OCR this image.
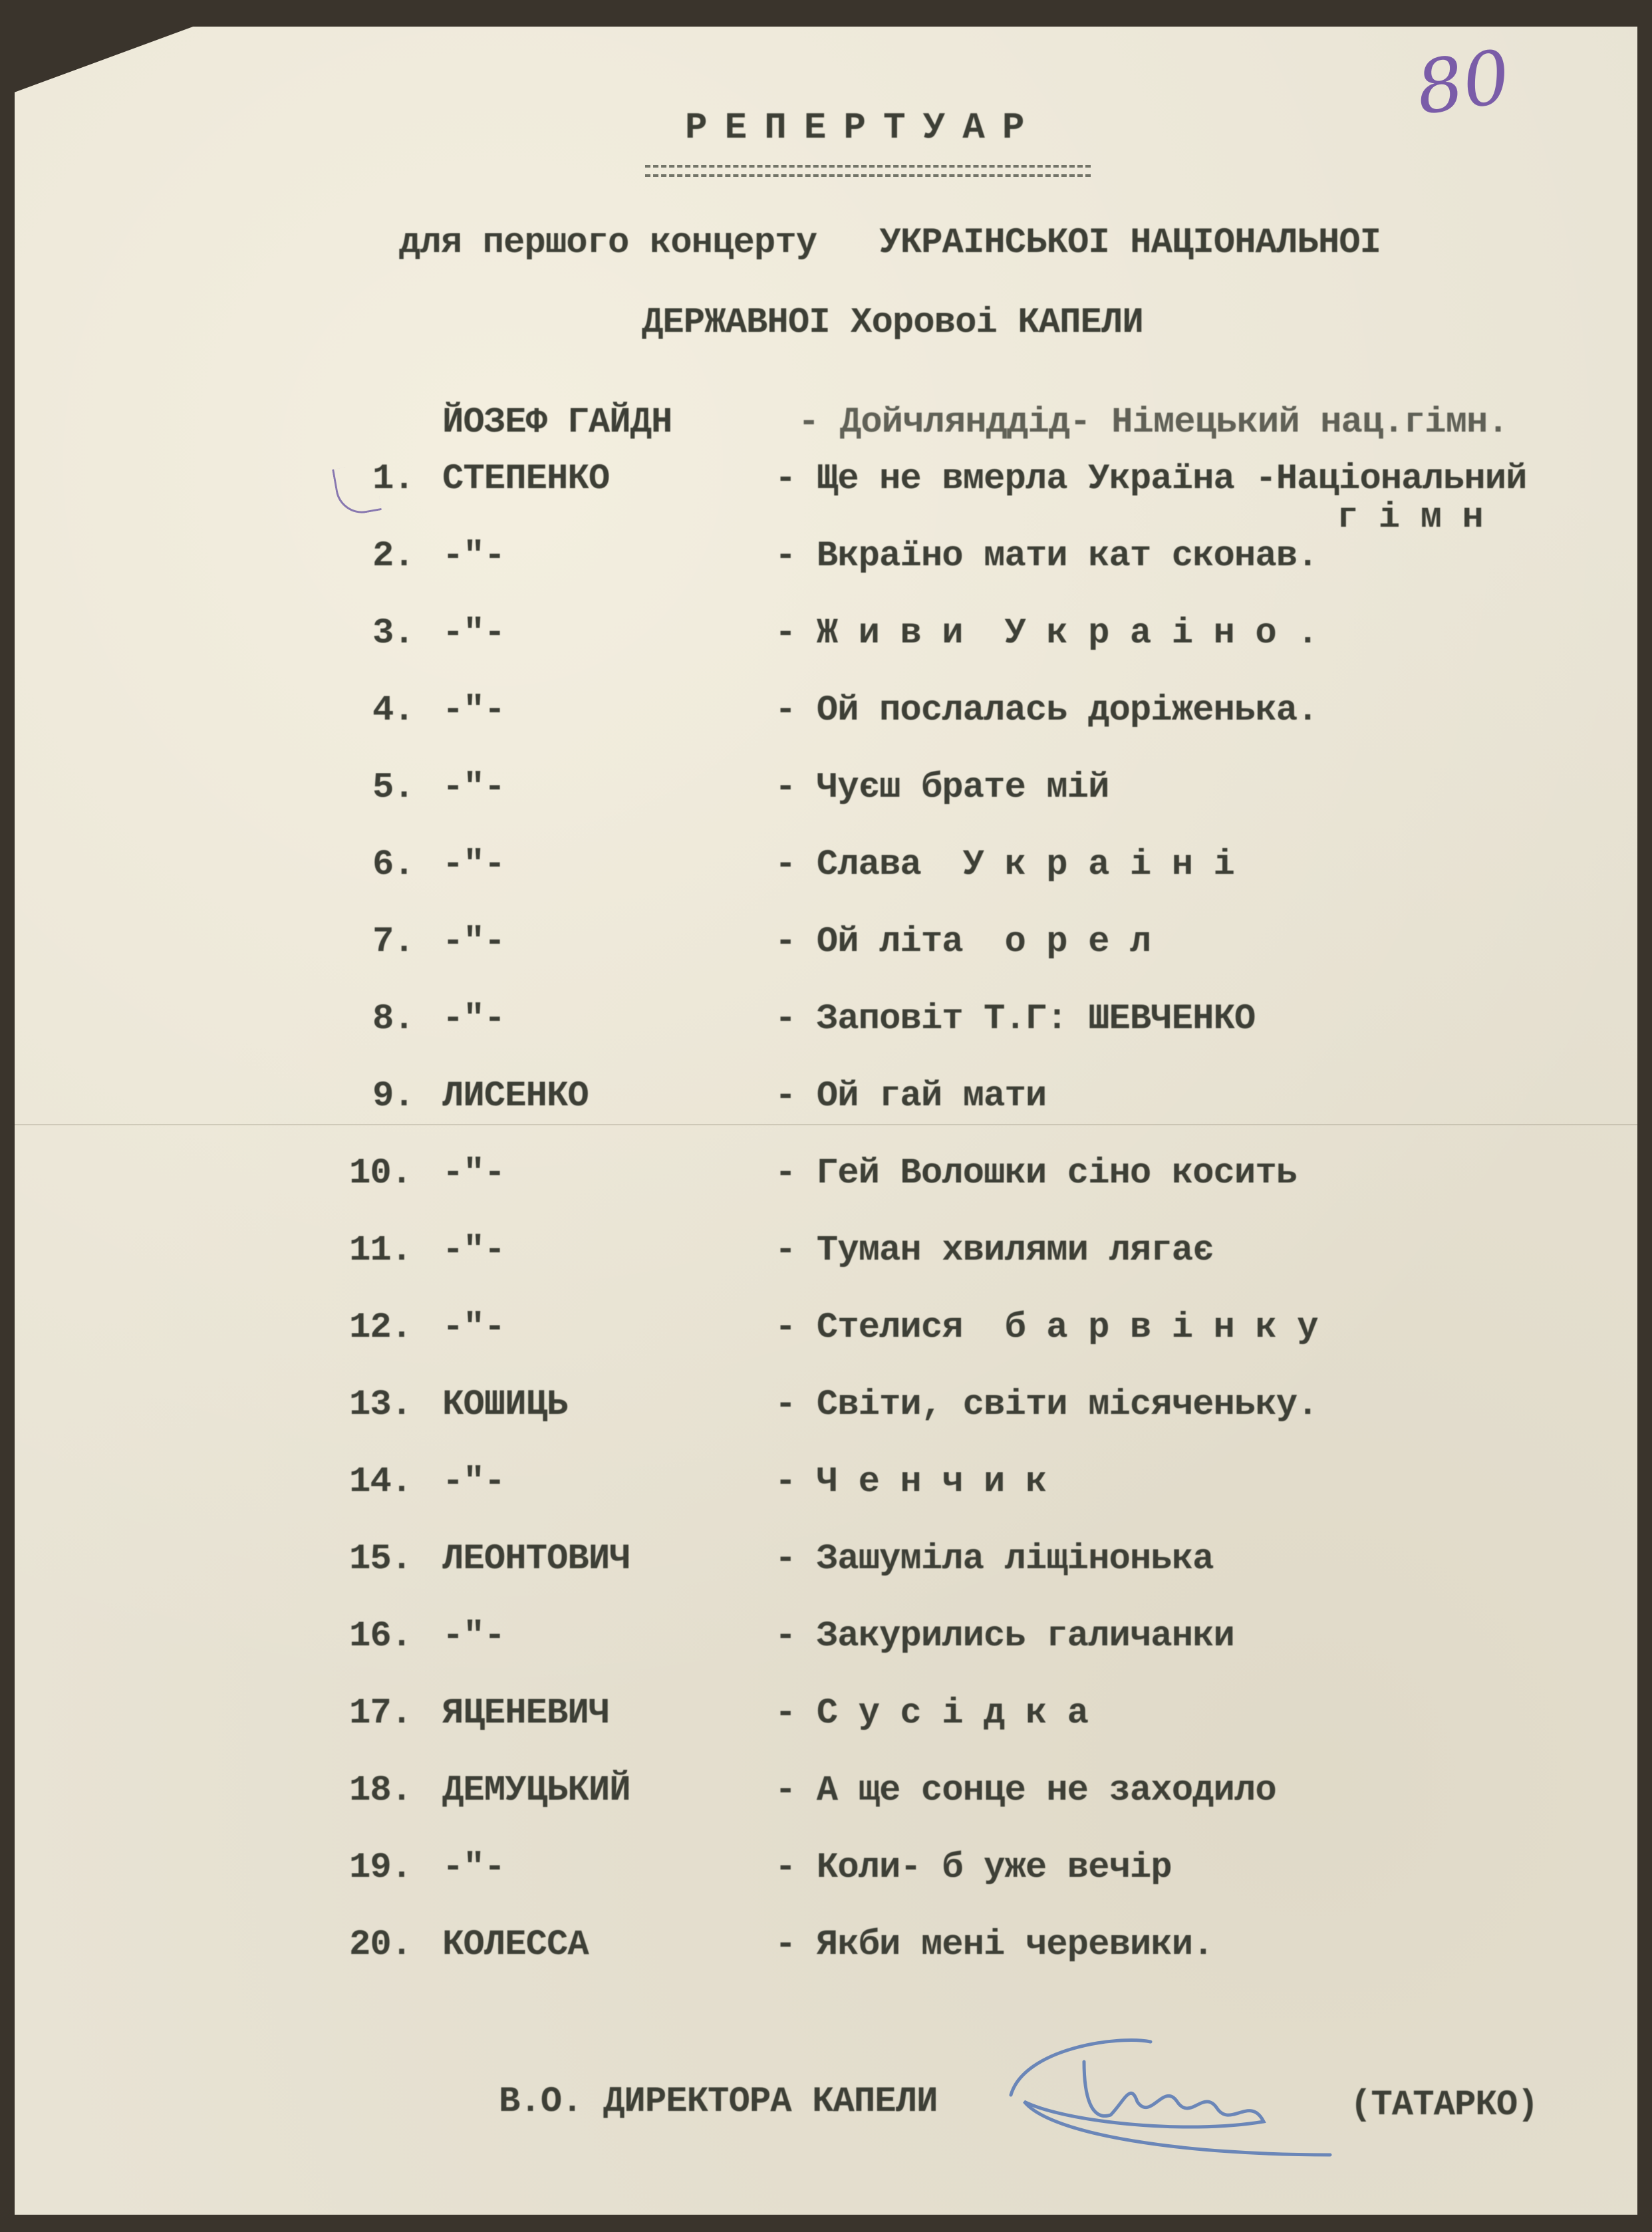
80
РЕПЕРТУАР
для першого концерту   УКРАІНСЬКОІ НАЦІОНАЛЬНОІ
ДЕРЖАВНОІ Хоровоі КАПЕЛИ
ЙОЗЕФ ГАЙДН	- Дойчлянддід- Німецький нац.гімн.
1. СТЕПЕНКО	- Ще не вмерла Україна -Національний
г і м н
2. -"-	- Вкраїно мати кат сконав.
3. -"-	- Ж и в и  У к р а і н о .
4. -"-	- Ой послалась доріженька.
5. -"-	- Чуєш брате мій
6. -"-	- Слава  У к р а і н і
7. -"-	- Ой літа  о р е л
8. -"-	- Заповіт Т.Г: ШЕВЧЕНКО
9. ЛИСЕНКО	- Ой гай мати
10. -"-	- Гей Волошки сіно косить
11. -"-	- Туман хвилями лягає
12. -"-	- Стелися  б а р в і н к у
13. КОШИЦЬ	- Світи, світи місяченьку.
14. -"-	- Ч е н ч и к
15. ЛЕОНТОВИЧ	- Зашуміла ліщінонька
16. -"-	- Закурились галичанки
17. ЯЦЕНЕВИЧ	- С у с і д к а
18. ДЕМУЦЬКИЙ	- А ще сонце не заходило
19. -"-	- Коли- б уже вечір
20. КОЛЕССА	- Якби мені черевики.
В.О. ДИРЕКТОРА КАПЕЛИ	(ТАТАРКО)
